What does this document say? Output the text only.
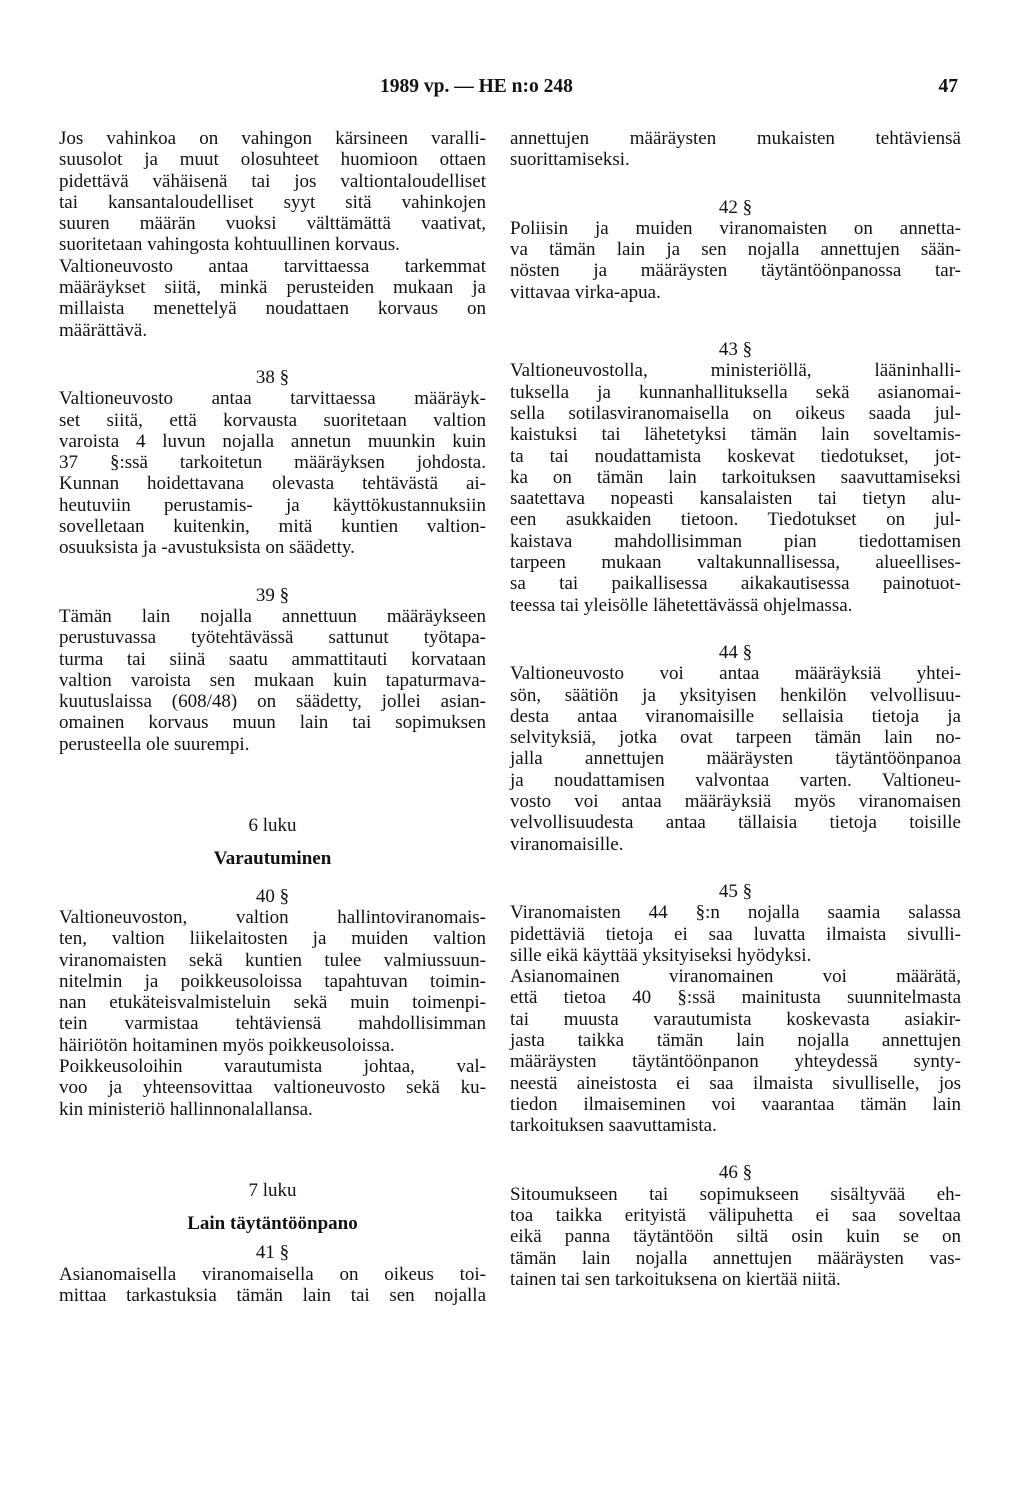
1989 vp. — HE n:o 248	47
Jos vahinkoa on vahingon kärsineen varalli-
suusolot ja muut olosuhteet huomioon ottaen
pidettävä vähäisenä tai jos valtiontaloudelliset
tai kansantaloudelliset syyt sitä vahinkojen
suuren määrän vuoksi välttämättä vaativat,
suoritetaan vahingosta kohtuullinen korvaus.
Valtioneuvosto antaa tarvittaessa tarkemmat
määräykset siitä, minkä perusteiden mukaan ja
millaista menettelyä noudattaen korvaus on
määrättävä.
38 §
Valtioneuvosto antaa tarvittaessa määräyk-
set siitä, että korvausta suoritetaan valtion
varoista 4 luvun nojalla annetun muunkin kuin
37 §:ssä tarkoitetun määräyksen johdosta.
Kunnan hoidettavana olevasta tehtävästä ai-
heutuviin perustamis- ja käyttökustannuksiin
sovelletaan kuitenkin, mitä kuntien valtion-
osuuksista ja -avustuksista on säädetty.
39 §
Tämän lain nojalla annettuun määräykseen
perustuvassa työtehtävässä sattunut työtapa-
turma tai siinä saatu ammattitauti korvataan
valtion varoista sen mukaan kuin tapaturmava-
kuutuslaissa (608/48) on säädetty, jollei asian-
omainen korvaus muun lain tai sopimuksen
perusteella ole suurempi.
6 luku
Varautuminen
40 §
Valtioneuvoston, valtion hallintoviranomais-
ten, valtion liikelaitosten ja muiden valtion
viranomaisten sekä kuntien tulee valmiussuun-
nitelmin ja poikkeusoloissa tapahtuvan toimin-
nan etukäteisvalmisteluin sekä muin toimenpi-
tein varmistaa tehtäviensä mahdollisimman
häiriötön hoitaminen myös poikkeusoloissa.
Poikkeusoloihin varautumista johtaa, val-
voo ja yhteensovittaa valtioneuvosto sekä ku-
kin ministeriö hallinnonalallansa.
7 luku
Lain täytäntöönpano
41 §
Asianomaisella viranomaisella on oikeus toi-
mittaa tarkastuksia tämän lain tai sen nojalla
annettujen määräysten mukaisten tehtäviensä
suorittamiseksi.
42 §
Poliisin ja muiden viranomaisten on annetta-
va tämän lain ja sen nojalla annettujen sään-
nösten ja määräysten täytäntöönpanossa tar-
vittavaa virka-apua.
43 §
Valtioneuvostolla, ministeriöllä, lääninhalli-
tuksella ja kunnanhallituksella sekä asianomai-
sella sotilasviranomaisella on oikeus saada jul-
kaistuksi tai lähetetyksi tämän lain soveltamis-
ta tai noudattamista koskevat tiedotukset, jot-
ka on tämän lain tarkoituksen saavuttamiseksi
saatettava nopeasti kansalaisten tai tietyn alu-
een asukkaiden tietoon. Tiedotukset on jul-
kaistava mahdollisimman pian tiedottamisen
tarpeen mukaan valtakunnallisessa, alueellises-
sa tai paikallisessa aikakautisessa painotuot-
teessa tai yleisölle lähetettävässä ohjelmassa.
44 §
Valtioneuvosto voi antaa määräyksiä yhtei-
sön, säätiön ja yksityisen henkilön velvollisuu-
desta antaa viranomaisille sellaisia tietoja ja
selvityksiä, jotka ovat tarpeen tämän lain no-
jalla annettujen määräysten täytäntöönpanoa
ja noudattamisen valvontaa varten. Valtioneu-
vosto voi antaa määräyksiä myös viranomaisen
velvollisuudesta antaa tällaisia tietoja toisille
viranomaisille.
45 §
Viranomaisten 44 §:n nojalla saamia salassa
pidettäviä tietoja ei saa luvatta ilmaista sivulli-
sille eikä käyttää yksityiseksi hyödyksi.
Asianomainen viranomainen voi määrätä,
että tietoa 40 §:ssä mainitusta suunnitelmasta
tai muusta varautumista koskevasta asiakir-
jasta taikka tämän lain nojalla annettujen
määräysten täytäntöönpanon yhteydessä synty-
neestä aineistosta ei saa ilmaista sivulliselle, jos
tiedon ilmaiseminen voi vaarantaa tämän lain
tarkoituksen saavuttamista.
46 §
Sitoumukseen tai sopimukseen sisältyvää eh-
toa taikka erityistä välipuhetta ei saa soveltaa
eikä panna täytäntöön siltä osin kuin se on
tämän lain nojalla annettujen määräysten vas-
tainen tai sen tarkoituksena on kiertää niitä.
